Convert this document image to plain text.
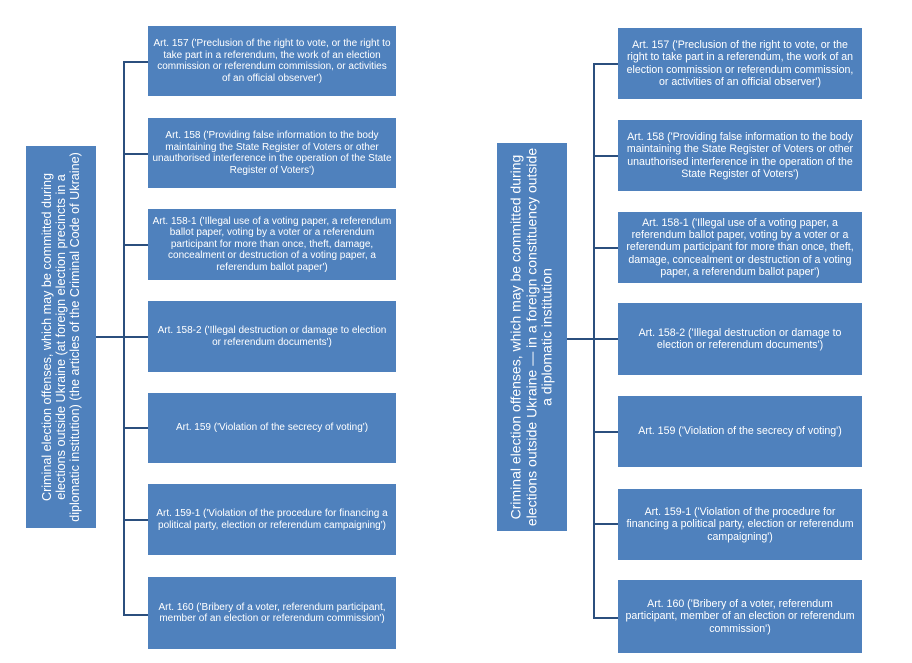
Criminal election offenses, which may be committed during elections outside Ukraine (at foreign election precincts in a diplomatic institution) (the articles of the Criminal Code of Ukraine)
Art. 157 ('Preclusion of the right to vote, or the right to take part in a referendum, the work of an election commission or referendum commission, or activities of an official observer')
Art. 158 ('Providing false information to the body maintaining the State Register of Voters or other unauthorised interference in the operation of the State Register of Voters')
Art. 158-1 ('Illegal use of a voting paper, a referendum ballot paper, voting by a voter or a referendum participant for more than once, theft, damage, concealment or destruction of a voting paper, a referendum ballot paper')
Art. 158-2 ('Illegal destruction or damage to election or referendum documents')
Art. 159 ('Violation of the secrecy of voting')
Art. 159-1 ('Violation of the procedure for financing a political party, election or referendum campaigning')
Art. 160 ('Bribery of a voter, referendum participant, member of an election or referendum commission')
Criminal election offenses, which may be committed during elections outside Ukraine — in a foreign constituency outside a diplomatic institution
Art. 157 ('Preclusion of the right to vote, or the right to take part in a referendum, the work of an election commission or referendum commission, or activities of an official observer')
Art. 158 ('Providing false information to the body maintaining the State Register of Voters or other unauthorised interference in the operation of the State Register of Voters')
Art. 158-1 ('Illegal use of a voting paper, a referendum ballot paper, voting by a voter or a referendum participant for more than once, theft, damage, concealment or destruction of a voting paper, a referendum ballot paper')
Art. 158-2 ('Illegal destruction or damage to election or referendum documents')
Art. 159 ('Violation of the secrecy of voting')
Art. 159-1 ('Violation of the procedure for financing a political party, election or referendum campaigning')
Art. 160 ('Bribery of a voter, referendum participant, member of an election or referendum commission')
